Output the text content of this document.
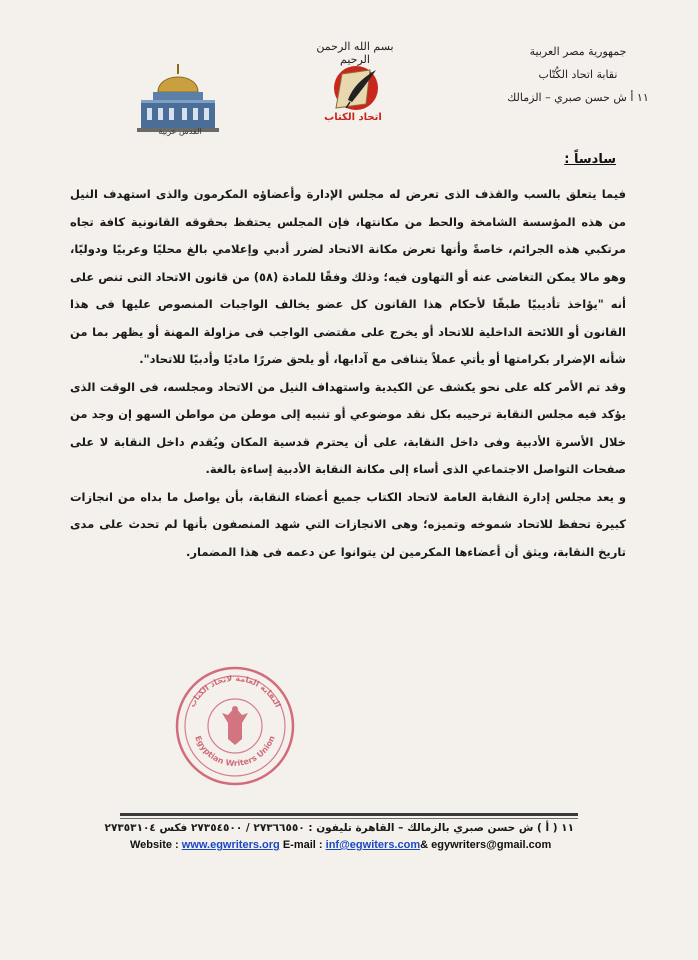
جمهورية مصر العربية
نقابة اتحاد الكُتّاب
١١ أ ش حسن صبري – الزمالك
بسم الله الرحمن الرحيم
اتحاد الكتاب
القدس عربية
سادساً :

فيما يتعلق بالسب والقذف الذى تعرض له مجلس الإدارة وأعضاؤه المكرمون والذى استهدف النيل من هذه المؤسسة الشامخة والحط من مكانتها، فإن المجلس يحتفظ بحقوقه القانونية كافة تجاه مرتكبي هذه الجرائم، خاصةً وأنها تعرض مكانة الاتحاد لضرر أدبي وإعلامي بالغ محليًا وعربيًا ودوليًا، وهو مالا يمكن التغاضى عنه أو التهاون فيه؛ وذلك وفقًا للمادة (٥٨) من قانون الاتحاد التى تنص على أنه "يؤاخذ تأديبيًا طبقًا لأحكام هذا القانون كل عضو يخالف الواجبات المنصوص عليها فى هذا القانون أو اللائحة الداخلية للاتحاد أو يخرج على مقتضى الواجب فى مزاولة المهنة أو يظهر بما من شأنه الإضرار بكرامتها أو يأتي عملاً يتنافى مع آدابها، أو يلحق ضررًا ماديًا وأدبيًا للاتحاد".

وقد تم الأمر كله على نحو يكشف عن الكيدية واستهداف النيل من الاتحاد ومجلسه، فى الوقت الذى يؤكد فيه مجلس النقابة ترحيبه بكل نقد موضوعي أو تنبيه إلى موطن من مواطن السهو إن وجد من خلال الأسرة الأدبية وفى داخل النقابة، على أن يحترم قدسية المكان ويُقدم داخل النقابة لا على صفحات التواصل الاجتماعي الذى أساء إلى مكانة النقابة الأدبية إساءة بالغة.

و يعد مجلس إدارة النقابة العامة لاتحاد الكتاب جميع أعضاء النقابة، بأن يواصل ما بداه من انجازات كبيرة تحفظ للاتحاد شموخه وتميزه؛ وهى الانجازات التي شهد المنصفون بأنها لم تحدث على مدى تاريخ النقابة، ويثق أن أعضاءها المكرمين لن يتوانوا عن دعمه فى هذا المضمار.

النقابة العامة لاتحاد الكتاب
Egyptian Writers Union
١١ ( أ ) ش حسن صبري بالزمالك – القاهرة تليفون : ٢٧٣٦٦٥٥٠ / ٢٧٣٥٤٥٠٠ فكس ٢٧٣٥٣١٠٤
Website : www.egwriters.org E-mail : inf@egwiters.com& egywriters@gmail.com
